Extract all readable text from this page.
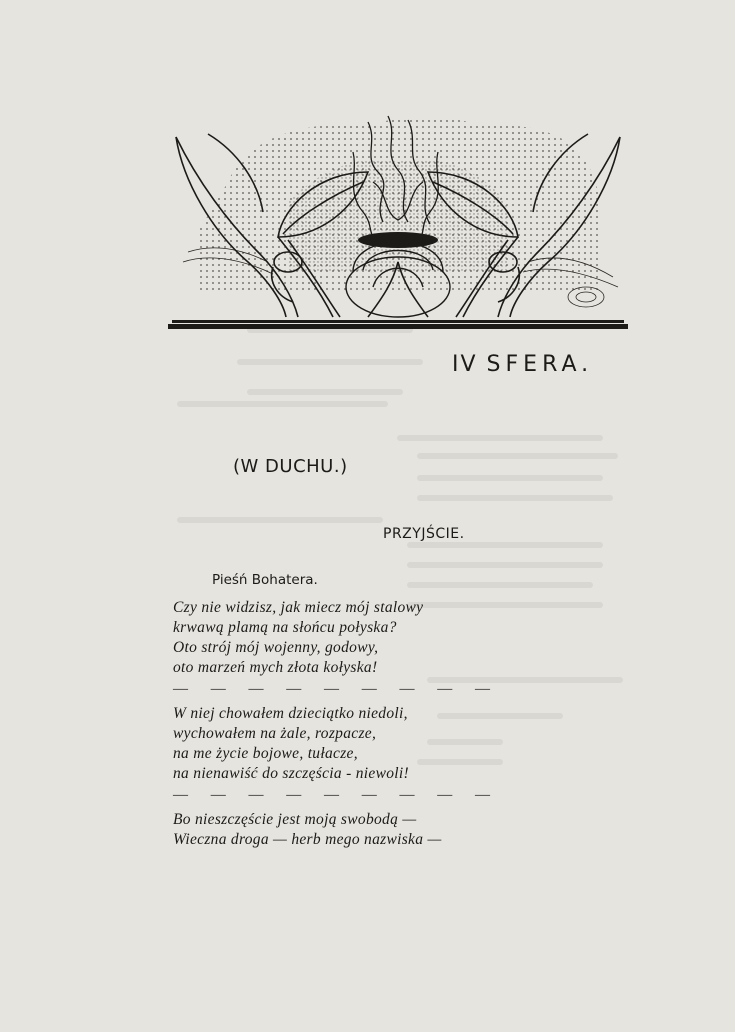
IV SFERA.
(W DUCHU.)
PRZYJŚCIE.
Pieśń Bohatera.
Czy nie widzisz, jak miecz mój stalowy
krwawą plamą na słońcu połyska?
Oto strój mój wojenny, godowy,
oto marzeń mych złota kołyska!
— — — — — — — — —
W niej chowałem dzieciątko niedoli,
wychowałem na żale, rozpacze,
na me życie bojowe, tułacze,
na nienawiść do szczęścia - niewoli!
— — — — — — — — —
Bo nieszczęście jest moją swobodą —
Wieczna droga — herb mego nazwiska —
